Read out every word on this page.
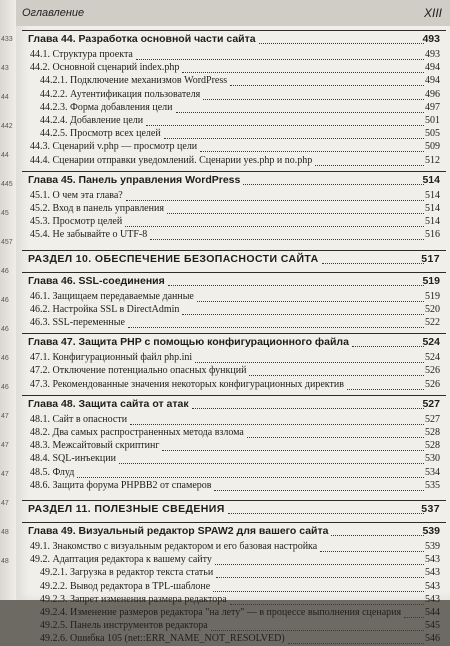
433
43
44
442
44
445
45
457
46
46
46
46
46
47
47
47
47
48
48
Оглавление	XIII
Глава 44. Разработка основной части сайта	493
44.1. Структура проекта	493
44.2. Основной сценарий index.php	494
44.2.1. Подключение механизмов WordPress	494
44.2.2. Аутентификация пользователя	496
44.2.3. Форма добавления цели	497
44.2.4. Добавление цели	501
44.2.5. Просмотр всех целей	505
44.3. Сценарий v.php — просмотр цели	509
44.4. Сценарии отправки уведомлений. Сценарии yes.php и no.php	512
Глава 45. Панель управления WordPress	514
45.1. О чем эта глава?	514
45.2. Вход в панель управления	514
45.3. Просмотр целей	514
45.4. Не забывайте о UTF-8	516
РАЗДЕЛ 10. ОБЕСПЕЧЕНИЕ БЕЗОПАСНОСТИ САЙТА	517
Глава 46. SSL-соединения	519
46.1. Защищаем передаваемые данные	519
46.2. Настройка SSL в DirectAdmin	520
46.3. SSL-переменные	522
Глава 47. Защита PHP с помощью конфигурационного файла	524
47.1. Конфигурационный файл php.ini	524
47.2. Отключение потенциально опасных функций	526
47.3. Рекомендованные значения некоторых конфигурационных директив	526
Глава 48. Защита сайта от атак	527
48.1. Сайт в опасности	527
48.2. Два самых распространенных метода взлома	528
48.3. Межсайтовый скриптинг	528
48.4. SQL-инъекции	530
48.5. Флуд	534
48.6. Защита форума PHPBB2 от спамеров	535
РАЗДЕЛ 11. ПОЛЕЗНЫЕ СВЕДЕНИЯ	537
Глава 49. Визуальный редактор SPAW2 для вашего сайта	539
49.1. Знакомство с визуальным редактором и его базовая настройка	539
49.2. Адаптация редактора к вашему сайту	543
49.2.1. Загрузка в редактор текста статьи	543
49.2.2. Вывод редактора в TPL-шаблоне	543
49.2.3. Запрет изменения размера редактора	543
49.2.4. Изменение размеров редактора "на лету" — в процессе выполнения сценария 544
49.2.5. Панель инструментов редактора	545
49.2.6. Ошибка 105 (net::ERR_NAME_NOT_RESOLVED)	546
